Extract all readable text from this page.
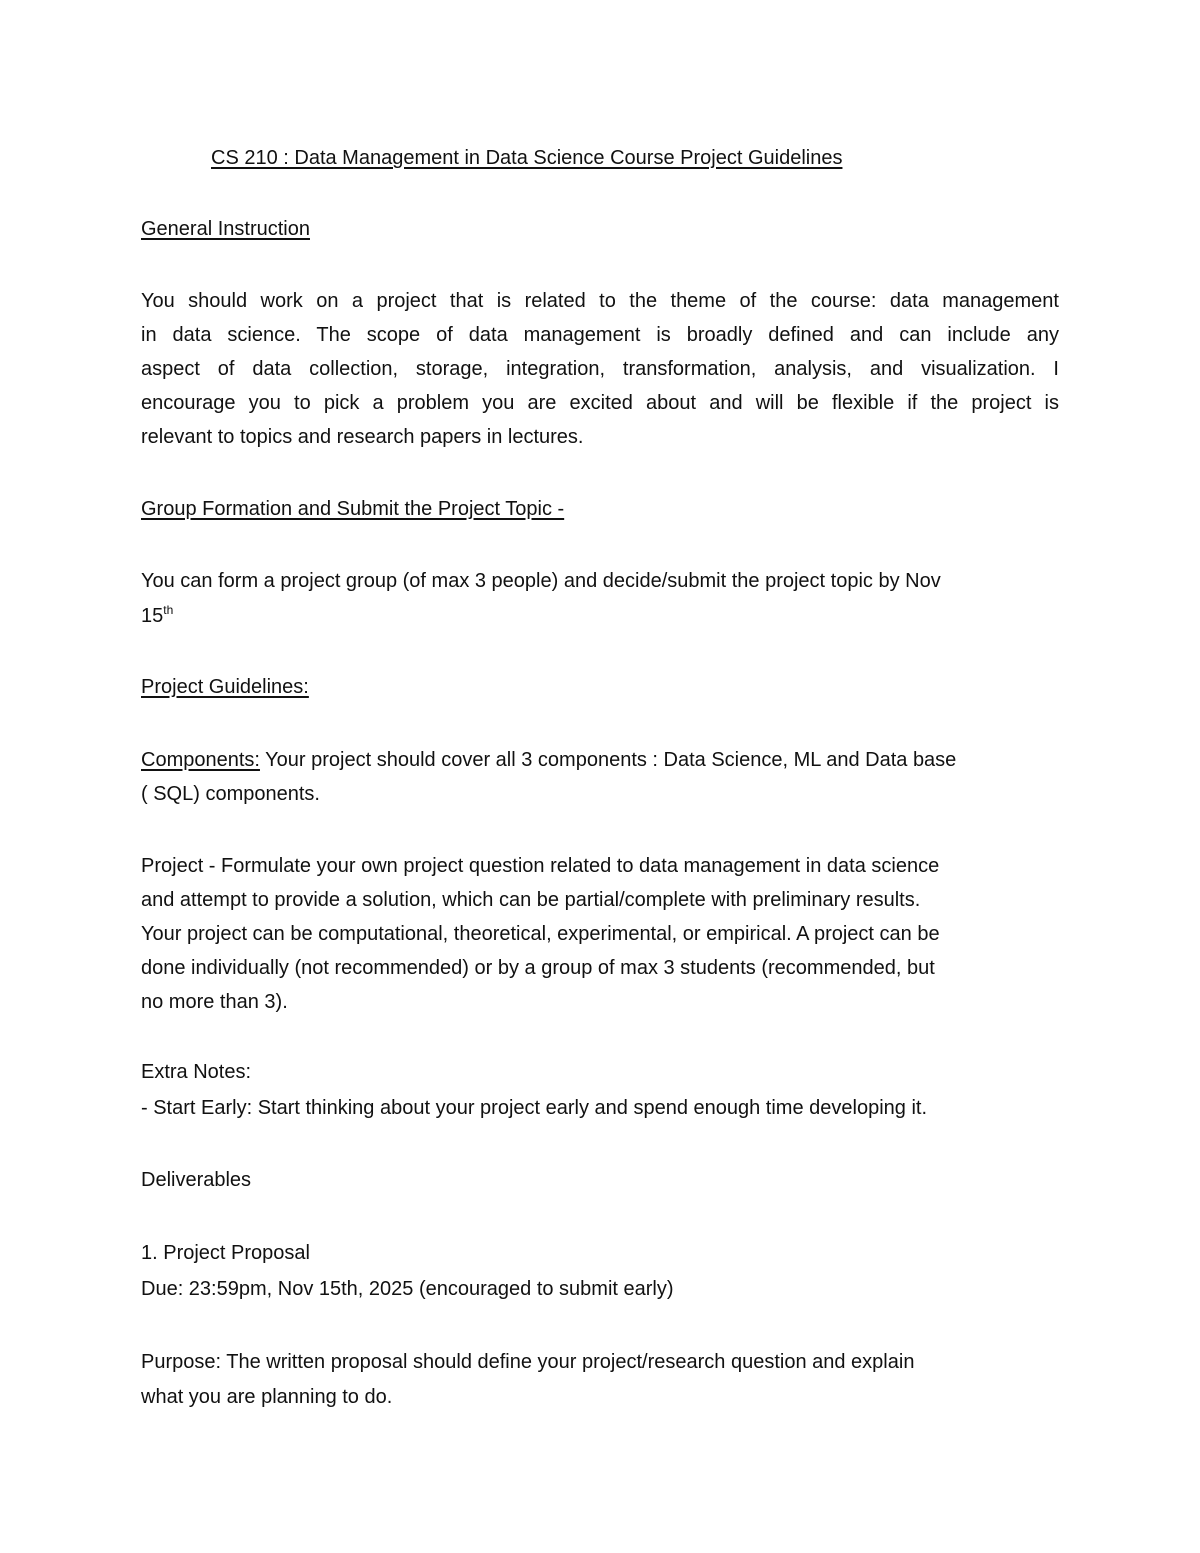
CS 210 : Data Management in Data Science Course Project Guidelines
General Instruction
You should work on a project that is related to the theme of the course: data management
in data science. The scope of data management is broadly defined and can include any
aspect of data collection, storage, integration, transformation, analysis, and visualization. I
encourage you to pick a problem you are excited about and will be flexible if the project is
relevant to topics and research papers in lectures.
Group Formation and Submit the Project Topic -
You can form a project group (of max 3 people) and decide/submit the project topic by Nov
15th
Project Guidelines:
Components: Your project should cover all 3 components : Data Science, ML and Data base
( SQL) components.
Project - Formulate your own project question related to data management in data science
and attempt to provide a solution, which can be partial/complete with preliminary results.
Your project can be computational, theoretical, experimental, or empirical. A project can be
done individually (not recommended) or by a group of max 3 students (recommended, but
no more than 3).
Extra Notes:
- Start Early: Start thinking about your project early and spend enough time developing it.
Deliverables
1. Project Proposal
Due: 23:59pm, Nov 15th, 2025 (encouraged to submit early)
Purpose: The written proposal should define your project/research question and explain
what you are planning to do.
